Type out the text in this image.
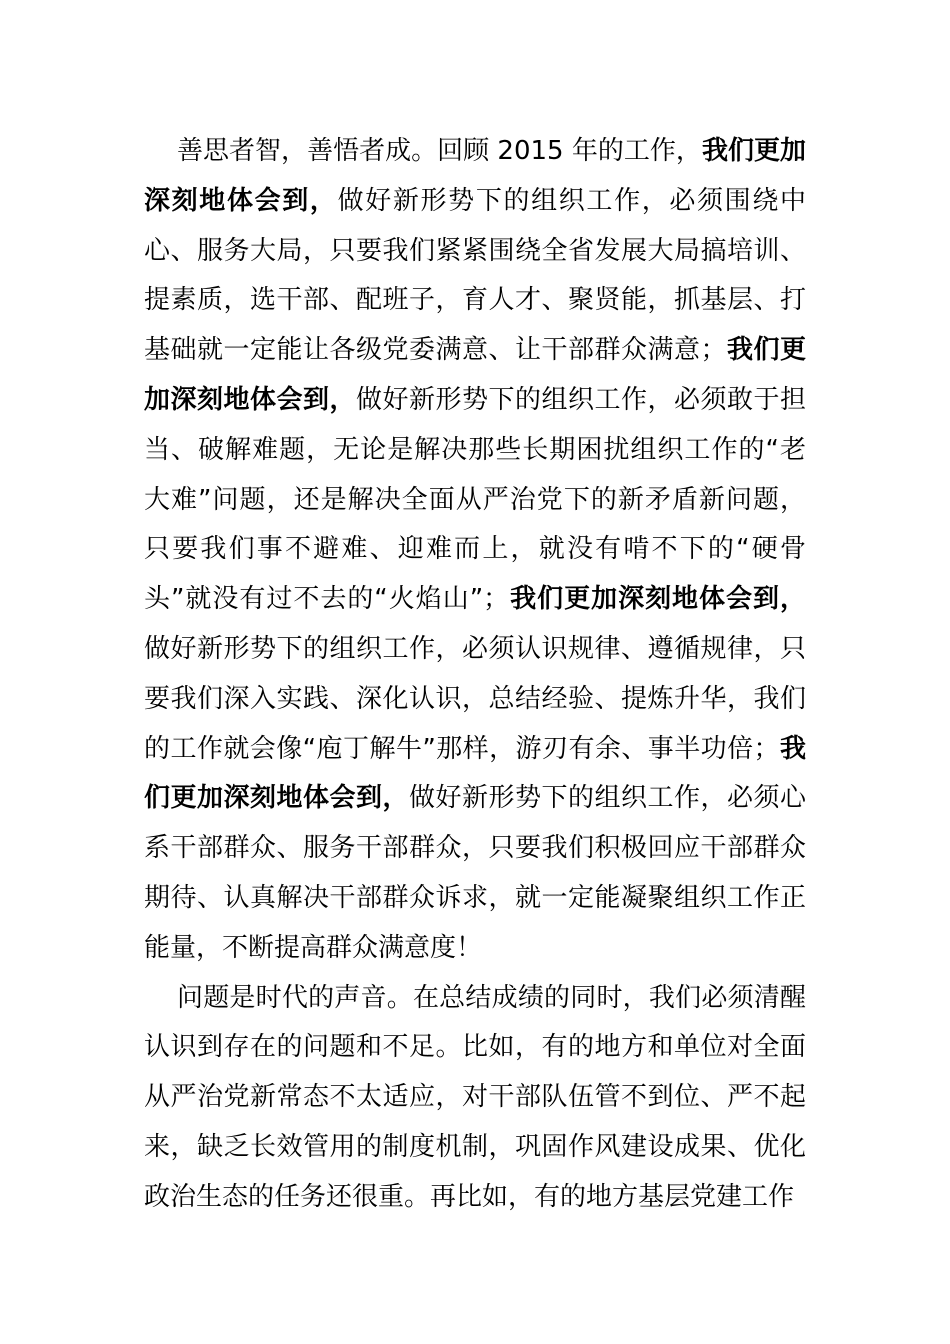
善思者智，善悟者成。回顾 2015 年的工作，我们更加深刻地体会到，做好新形势下的组织工作，必须围绕中心、服务大局，只要我们紧紧围绕全省发展大局搞培训、提素质，选干部、配班子，育人才、聚贤能，抓基层、打基础就一定能让各级党委满意、让干部群众满意；我们更加深刻地体会到，做好新形势下的组织工作，必须敢于担当、破解难题，无论是解决那些长期困扰组织工作的“老大难”问题，还是解决全面从严治党下的新矛盾新问题，只要我们事不避难、迎难而上，就没有啃不下的“硬骨头”就没有过不去的“火焰山”；我们更加深刻地体会到，做好新形势下的组织工作，必须认识规律、遵循规律，只要我们深入实践、深化认识，总结经验、提炼升华，我们的工作就会像“庖丁解牛”那样，游刃有余、事半功倍；我们更加深刻地体会到，做好新形势下的组织工作，必须心系干部群众、服务干部群众，只要我们积极回应干部群众期待、认真解决干部群众诉求，就一定能凝聚组织工作正能量，不断提高群众满意度！

问题是时代的声音。在总结成绩的同时，我们必须清醒认识到存在的问题和不足。比如，有的地方和单位对全面从严治党新常态不太适应，对干部队伍管不到位、严不起来，缺乏长效管用的制度机制，巩固作风建设成果、优化政治生态的任务还很重。再比如，有的地方基层党建工作
